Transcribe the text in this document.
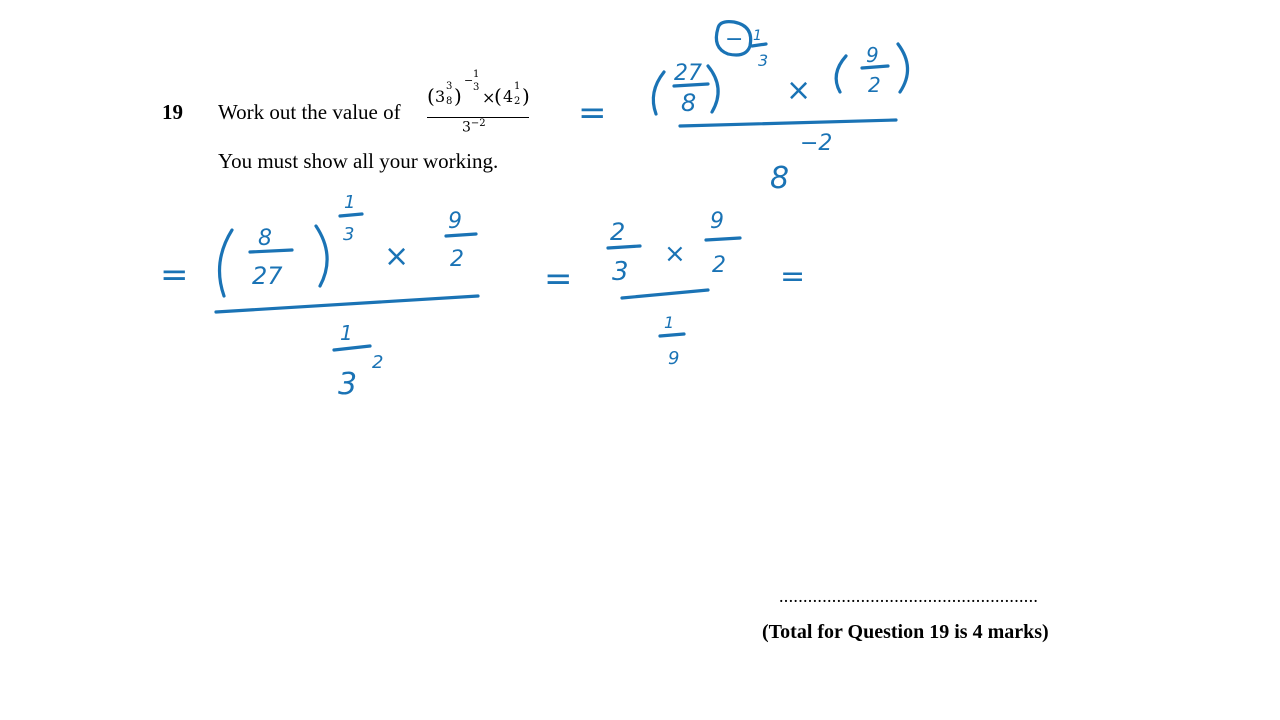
19 Work out the value of
( 3
3
8 )
− 1
3
×
( 4
1
2 )
$3^{-2}$
You must show all your working.
......................................................
(Total for Question 19 is 4 marks)
=
27
8
− 1
3
×
9
2
8
−2
=
8
27
1
3
×
9
2
1
3
2
=
2
3
×
9
2
1
9
=
